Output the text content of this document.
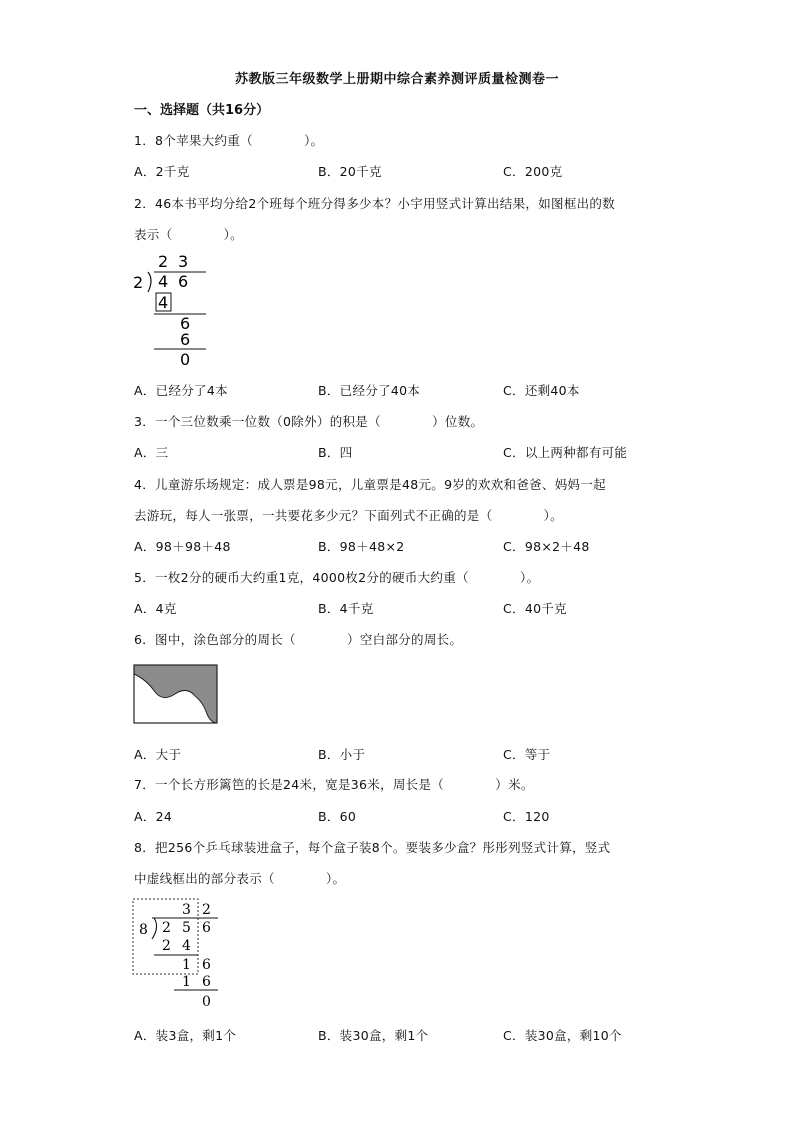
苏教版三年级数学上册期中综合素养测评质量检测卷一
一、选择题（共16分）
1．8个苹果大约重（　　　　）。
A．2千克	B．20千克	C．200克
2．46本书平均分给2个班每个班分得多少本？小宇用竖式计算出结果，如图框出的数
表示（　　　　）。
2 3
2 4 6
4
6
6
0
A．已经分了4本	B．已经分了40本	C．还剩40本
3．一个三位数乘一位数（0除外）的积是（　　　　）位数。
A．三	B．四	C．以上两种都有可能
4．儿童游乐场规定：成人票是98元，儿童票是48元。9岁的欢欢和爸爸、妈妈一起
去游玩，每人一张票，一共要花多少元？下面列式不正确的是（　　　　）。
A．98＋98＋48	B．98＋48×2	C．98×2＋48
5．一枚2分的硬币大约重1克，4000枚2分的硬币大约重（　　　　）。
A．4克	B．4千克	C．40千克
6．图中，涂色部分的周长（　　　　）空白部分的周长。
A．大于	B．小于	C．等于
7．一个长方形篱笆的长是24米，宽是36米，周长是（　　　　）米。
A．24	B．60	C．120
8．把256个乒乓球装进盒子，每个盒子装8个。要装多少盒？彤彤列竖式计算，竖式
中虚线框出的部分表示（　　　　）。
3 2
8 2 5 6
2 4
1 6
1 6
0
A．装3盒，剩1个	B．装30盒，剩1个	C．装30盒，剩10个
